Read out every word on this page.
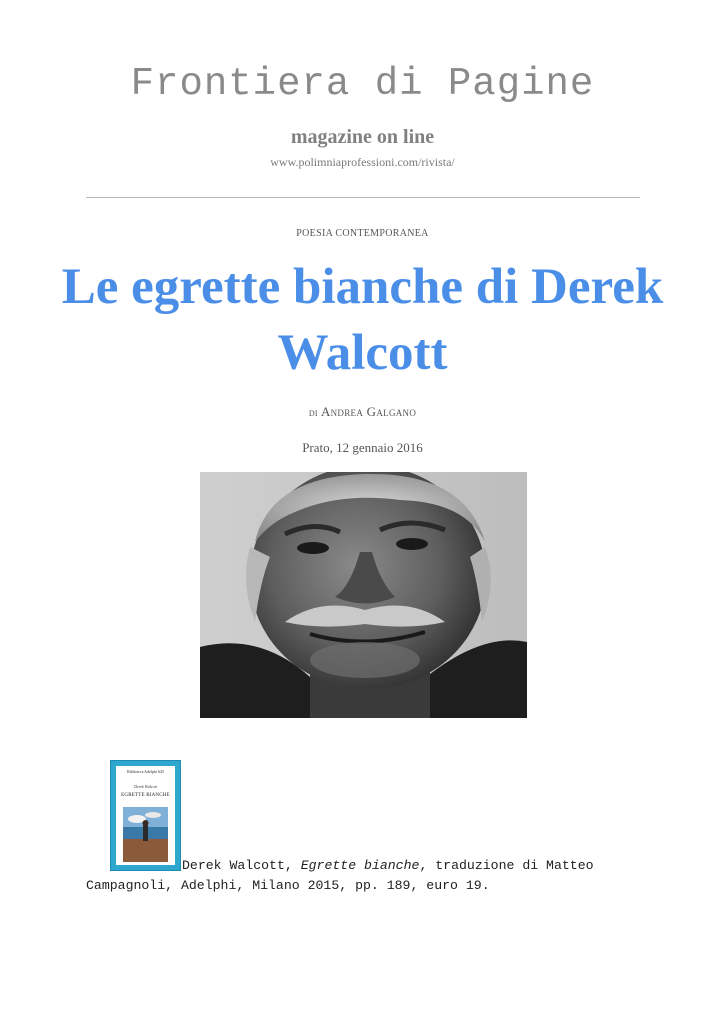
Frontiera di Pagine
magazine on line
www.polimniaprofessioni.com/rivista/
POESIA CONTEMPORANEA
Le egrette bianche di Derek Walcott
di Andrea Galgano
Prato, 12 gennaio 2016
Biblioteca Adelphi 645
Derek Walcott
EGRETTE BIANCHE
Derek Walcott, Egrette bianche, traduzione di Matteo Campagnoli, Adelphi, Milano 2015, pp. 189, euro 19.
